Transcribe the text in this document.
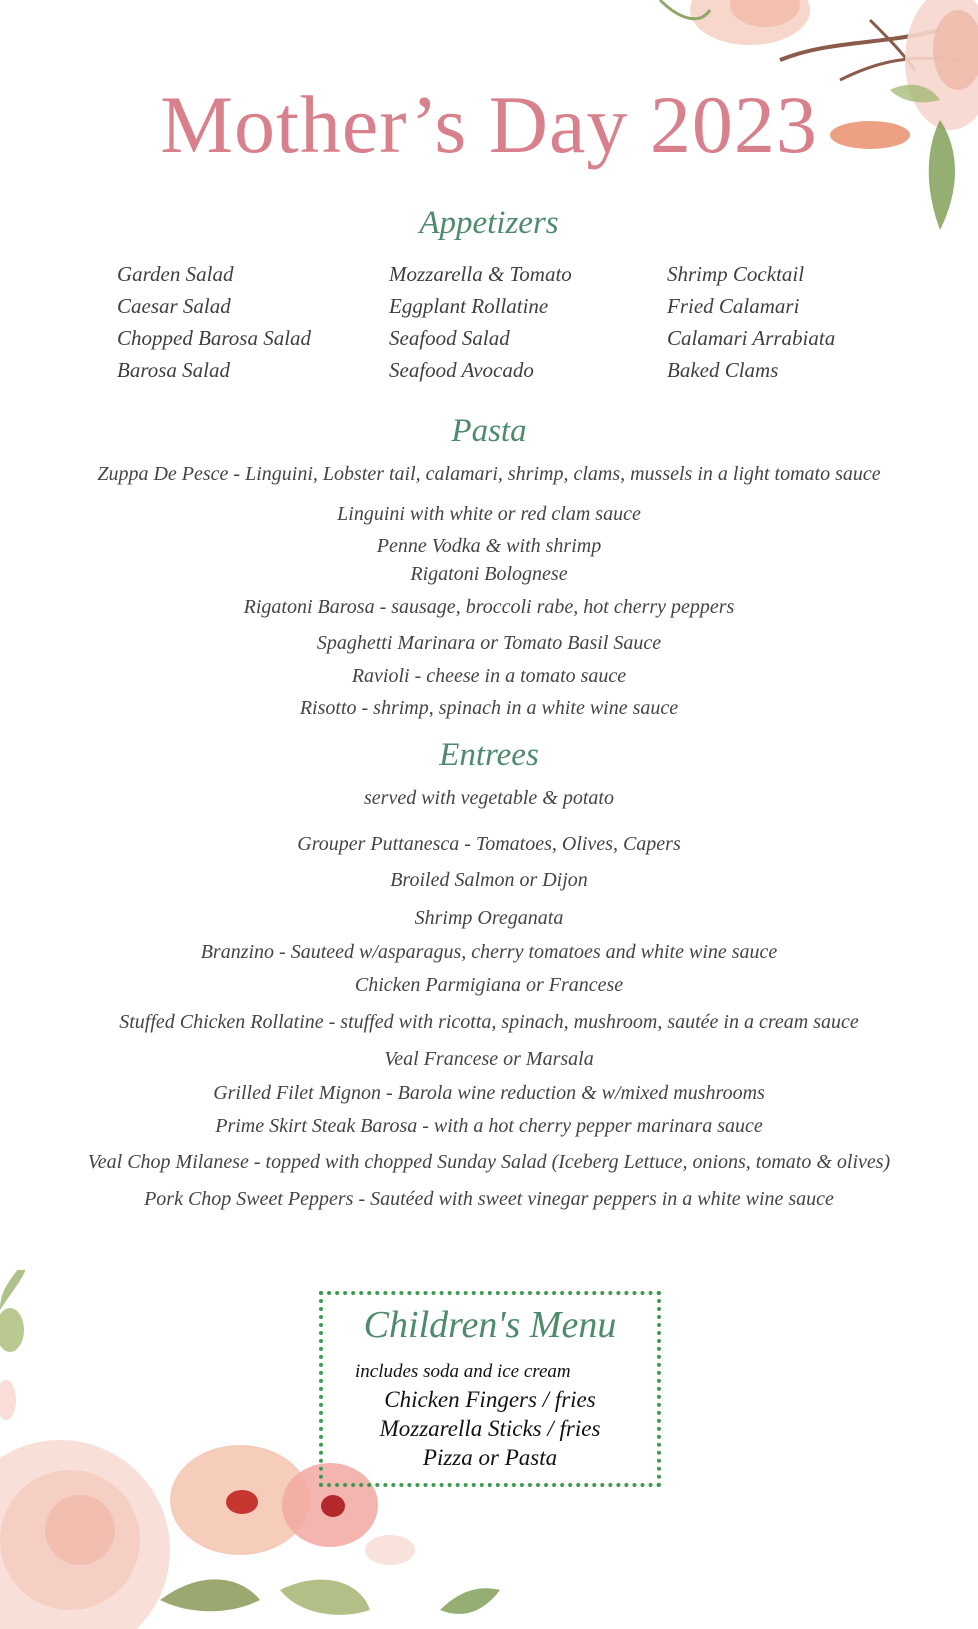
Mother’s Day 2023
Appetizers
Garden Salad
Caesar Salad
Chopped Barosa Salad
Barosa Salad
Mozzarella & Tomato
Eggplant Rollatine
Seafood Salad
Seafood Avocado
Shrimp Cocktail
Fried Calamari
Calamari Arrabiata
Baked Clams
Pasta
Zuppa De Pesce - Linguini, Lobster tail, calamari, shrimp, clams, mussels in a light tomato sauce
Linguini with white or red clam sauce
Penne Vodka & with shrimp
Rigatoni Bolognese
Rigatoni Barosa - sausage, broccoli rabe, hot cherry peppers
Spaghetti Marinara or Tomato Basil Sauce
Ravioli - cheese in a tomato sauce
Risotto - shrimp, spinach in a white wine sauce
Entrees
served with vegetable & potato
Grouper Puttanesca - Tomatoes, Olives, Capers
Broiled Salmon or Dijon
Shrimp Oreganata
Branzino - Sauteed w/asparagus, cherry tomatoes and white wine sauce
Chicken Parmigiana or Francese
Stuffed Chicken Rollatine - stuffed with ricotta, spinach, mushroom, sautée in a cream sauce
Veal Francese or Marsala
Grilled Filet Mignon - Barola wine reduction & w/mixed mushrooms
Prime Skirt Steak Barosa - with a hot cherry pepper marinara sauce
Veal Chop Milanese - topped with chopped Sunday Salad (Iceberg Lettuce, onions, tomato & olives)
Pork Chop Sweet Peppers - Sautéed with sweet vinegar peppers in a white wine sauce
Children's Menu
includes soda and ice cream
Chicken Fingers / fries
Mozzarella Sticks / fries
Pizza or Pasta
